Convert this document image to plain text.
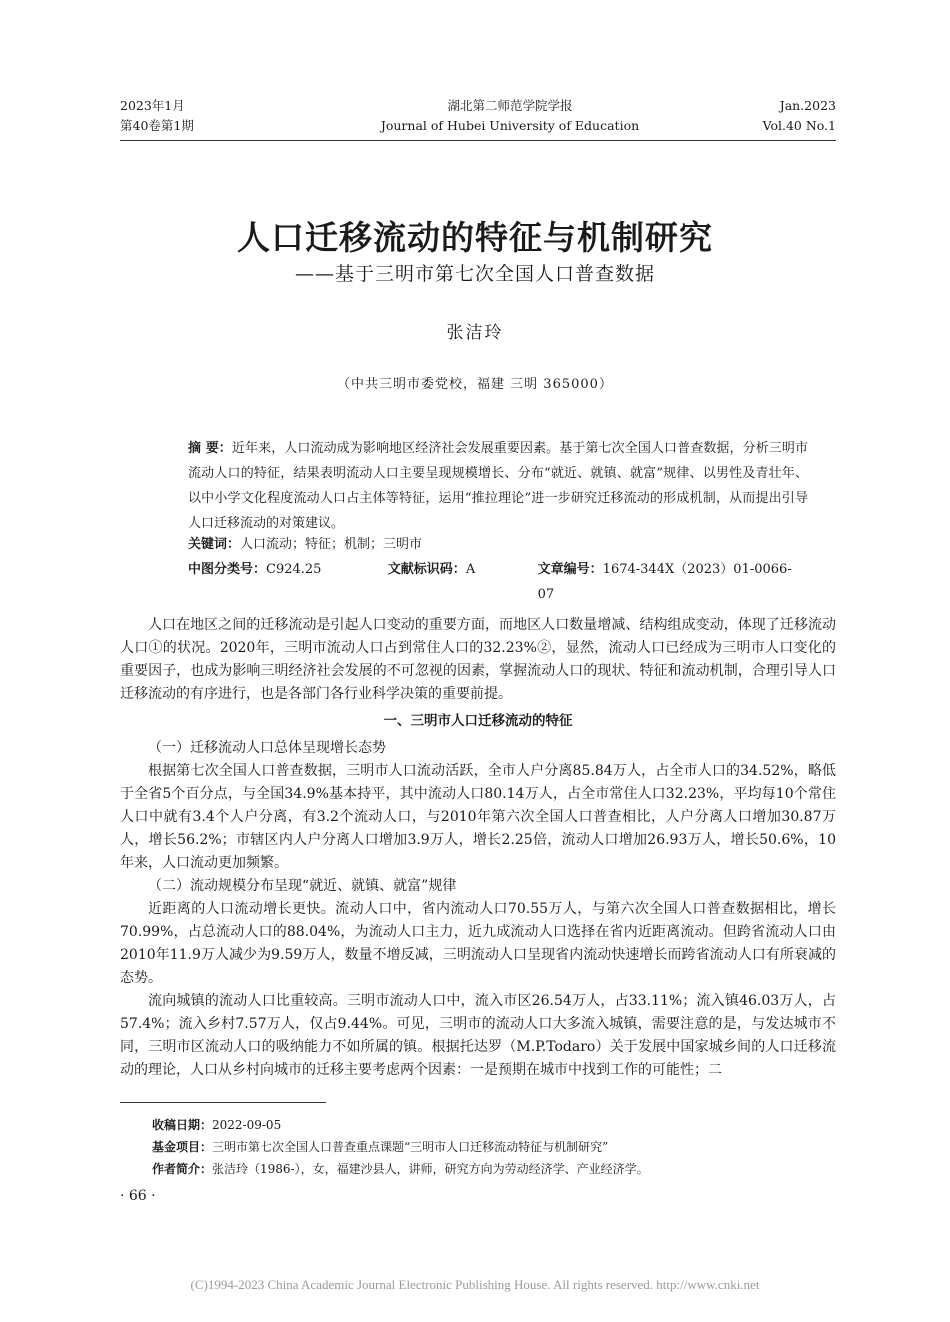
2023年1月
第40卷第1期
湖北第二师范学院学报
Journal of Hubei University of Education
Jan.2023
Vol.40 No.1
人口迁移流动的特征与机制研究
——基于三明市第七次全国人口普查数据
张洁玲
（中共三明市委党校，福建 三明 365000）
摘 要：近年来，人口流动成为影响地区经济社会发展重要因素。基于第七次全国人口普查数据，分析三明市流动人口的特征，结果表明流动人口主要呈现规模增长、分布“就近、就镇、就富”规律、以男性及青壮年、以中小学文化程度流动人口占主体等特征，运用“推拉理论”进一步研究迁移流动的形成机制，从而提出引导人口迁移流动的对策建议。
关键词：人口流动；特征；机制；三明市
中图分类号：C924.25	文献标识码：A	文章编号：1674-344X（2023）01-0066-07

人口在地区之间的迁移流动是引起人口变动的重要方面，而地区人口数量增减、结构组成变动，体现了迁移流动人口①的状况。2020年，三明市流动人口占到常住人口的32.23%②，显然，流动人口已经成为三明市人口变化的重要因子，也成为影响三明经济社会发展的不可忽视的因素，掌握流动人口的现状、特征和流动机制，合理引导人口迁移流动的有序进行，也是各部门各行业科学决策的重要前提。

一、三明市人口迁移流动的特征

（一）迁移流动人口总体呈现增长态势

根据第七次全国人口普查数据，三明市人口流动活跃，全市人户分离85.84万人，占全市人口的34.52%，略低于全省5个百分点，与全国34.9%基本持平，其中流动人口80.14万人，占全市常住人口32.23%，平均每10个常住人口中就有3.4个人户分离，有3.2个流动人口，与2010年第六次全国人口普查相比，人户分离人口增加30.87万人，增长56.2%；市辖区内人户分离人口增加3.9万人，增长2.25倍，流动人口增加26.93万人，增长50.6%，10年来，人口流动更加频繁。

（二）流动规模分布呈现“就近、就镇、就富”规律

近距离的人口流动增长更快。流动人口中，省内流动人口70.55万人，与第六次全国人口普查数据相比，增长70.99%，占总流动人口的88.04%，为流动人口主力，近九成流动人口选择在省内近距离流动。但跨省流动人口由2010年11.9万人减少为9.59万人，数量不增反减，三明流动人口呈现省内流动快速增长而跨省流动人口有所衰减的态势。

流向城镇的流动人口比重较高。三明市流动人口中，流入市区26.54万人，占33.11%；流入镇46.03万人，占57.4%；流入乡村7.57万人，仅占9.44%。可见，三明市的流动人口大多流入城镇，需要注意的是，与发达城市不同，三明市区流动人口的吸纳能力不如所属的镇。根据托达罗（M.P.Todaro）关于发展中国家城乡间的人口迁移流动的理论，人口从乡村向城市的迁移主要考虑两个因素：一是预期在城市中找到工作的可能性；二

收稿日期：2022-09-05
基金项目：三明市第七次全国人口普查重点课题“三明市人口迁移流动特征与机制研究”
作者简介：张洁玲（1986-），女，福建沙县人，讲师，研究方向为劳动经济学、产业经济学。
· 66 ·
(C)1994-2023 China Academic Journal Electronic Publishing House. All rights reserved. http://www.cnki.net
